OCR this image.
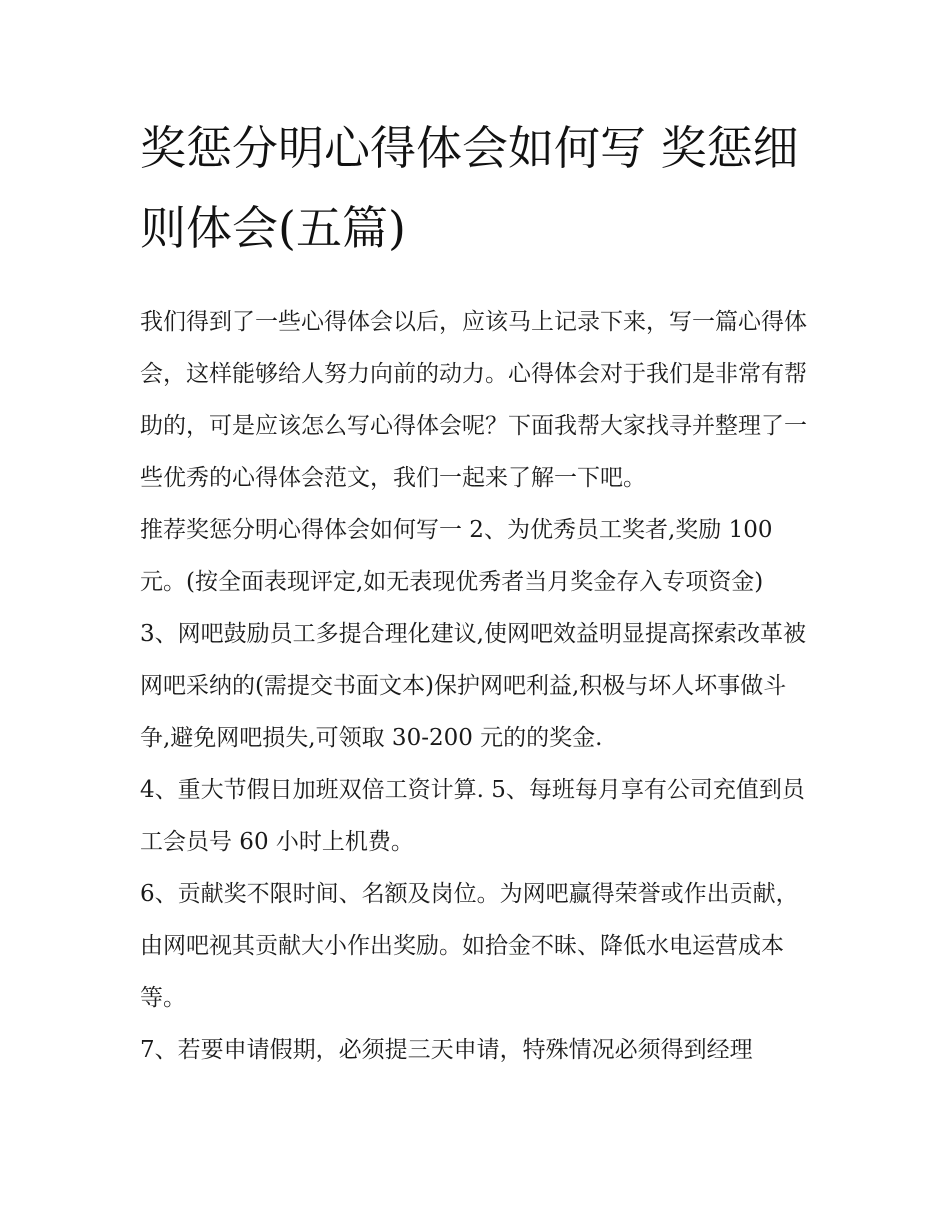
奖惩分明心得体会如何写 奖惩细则体会(五篇)

我们得到了一些心得体会以后，应该马上记录下来，写一篇心得体会，这样能够给人努力向前的动力。心得体会对于我们是非常有帮助的，可是应该怎么写心得体会呢？下面我帮大家找寻并整理了一些优秀的心得体会范文，我们一起来了解一下吧。

推荐奖惩分明心得体会如何写一 2、为优秀员工奖者,奖励 100 元。(按全面表现评定,如无表现优秀者当月奖金存入专项资金)

3、网吧鼓励员工多提合理化建议,使网吧效益明显提高探索改革被网吧采纳的(需提交书面文本)保护网吧利益,积极与坏人坏事做斗争,避免网吧损失,可领取 30-200 元的的奖金.

4、重大节假日加班双倍工资计算. 5、每班每月享有公司充值到员工会员号 60 小时上机费。

6、贡献奖不限时间、名额及岗位。为网吧赢得荣誉或作出贡献，由网吧视其贡献大小作出奖励。如拾金不昧、降低水电运营成本等。

7、若要申请假期，必须提三天申请，特殊情况必须得到经理
